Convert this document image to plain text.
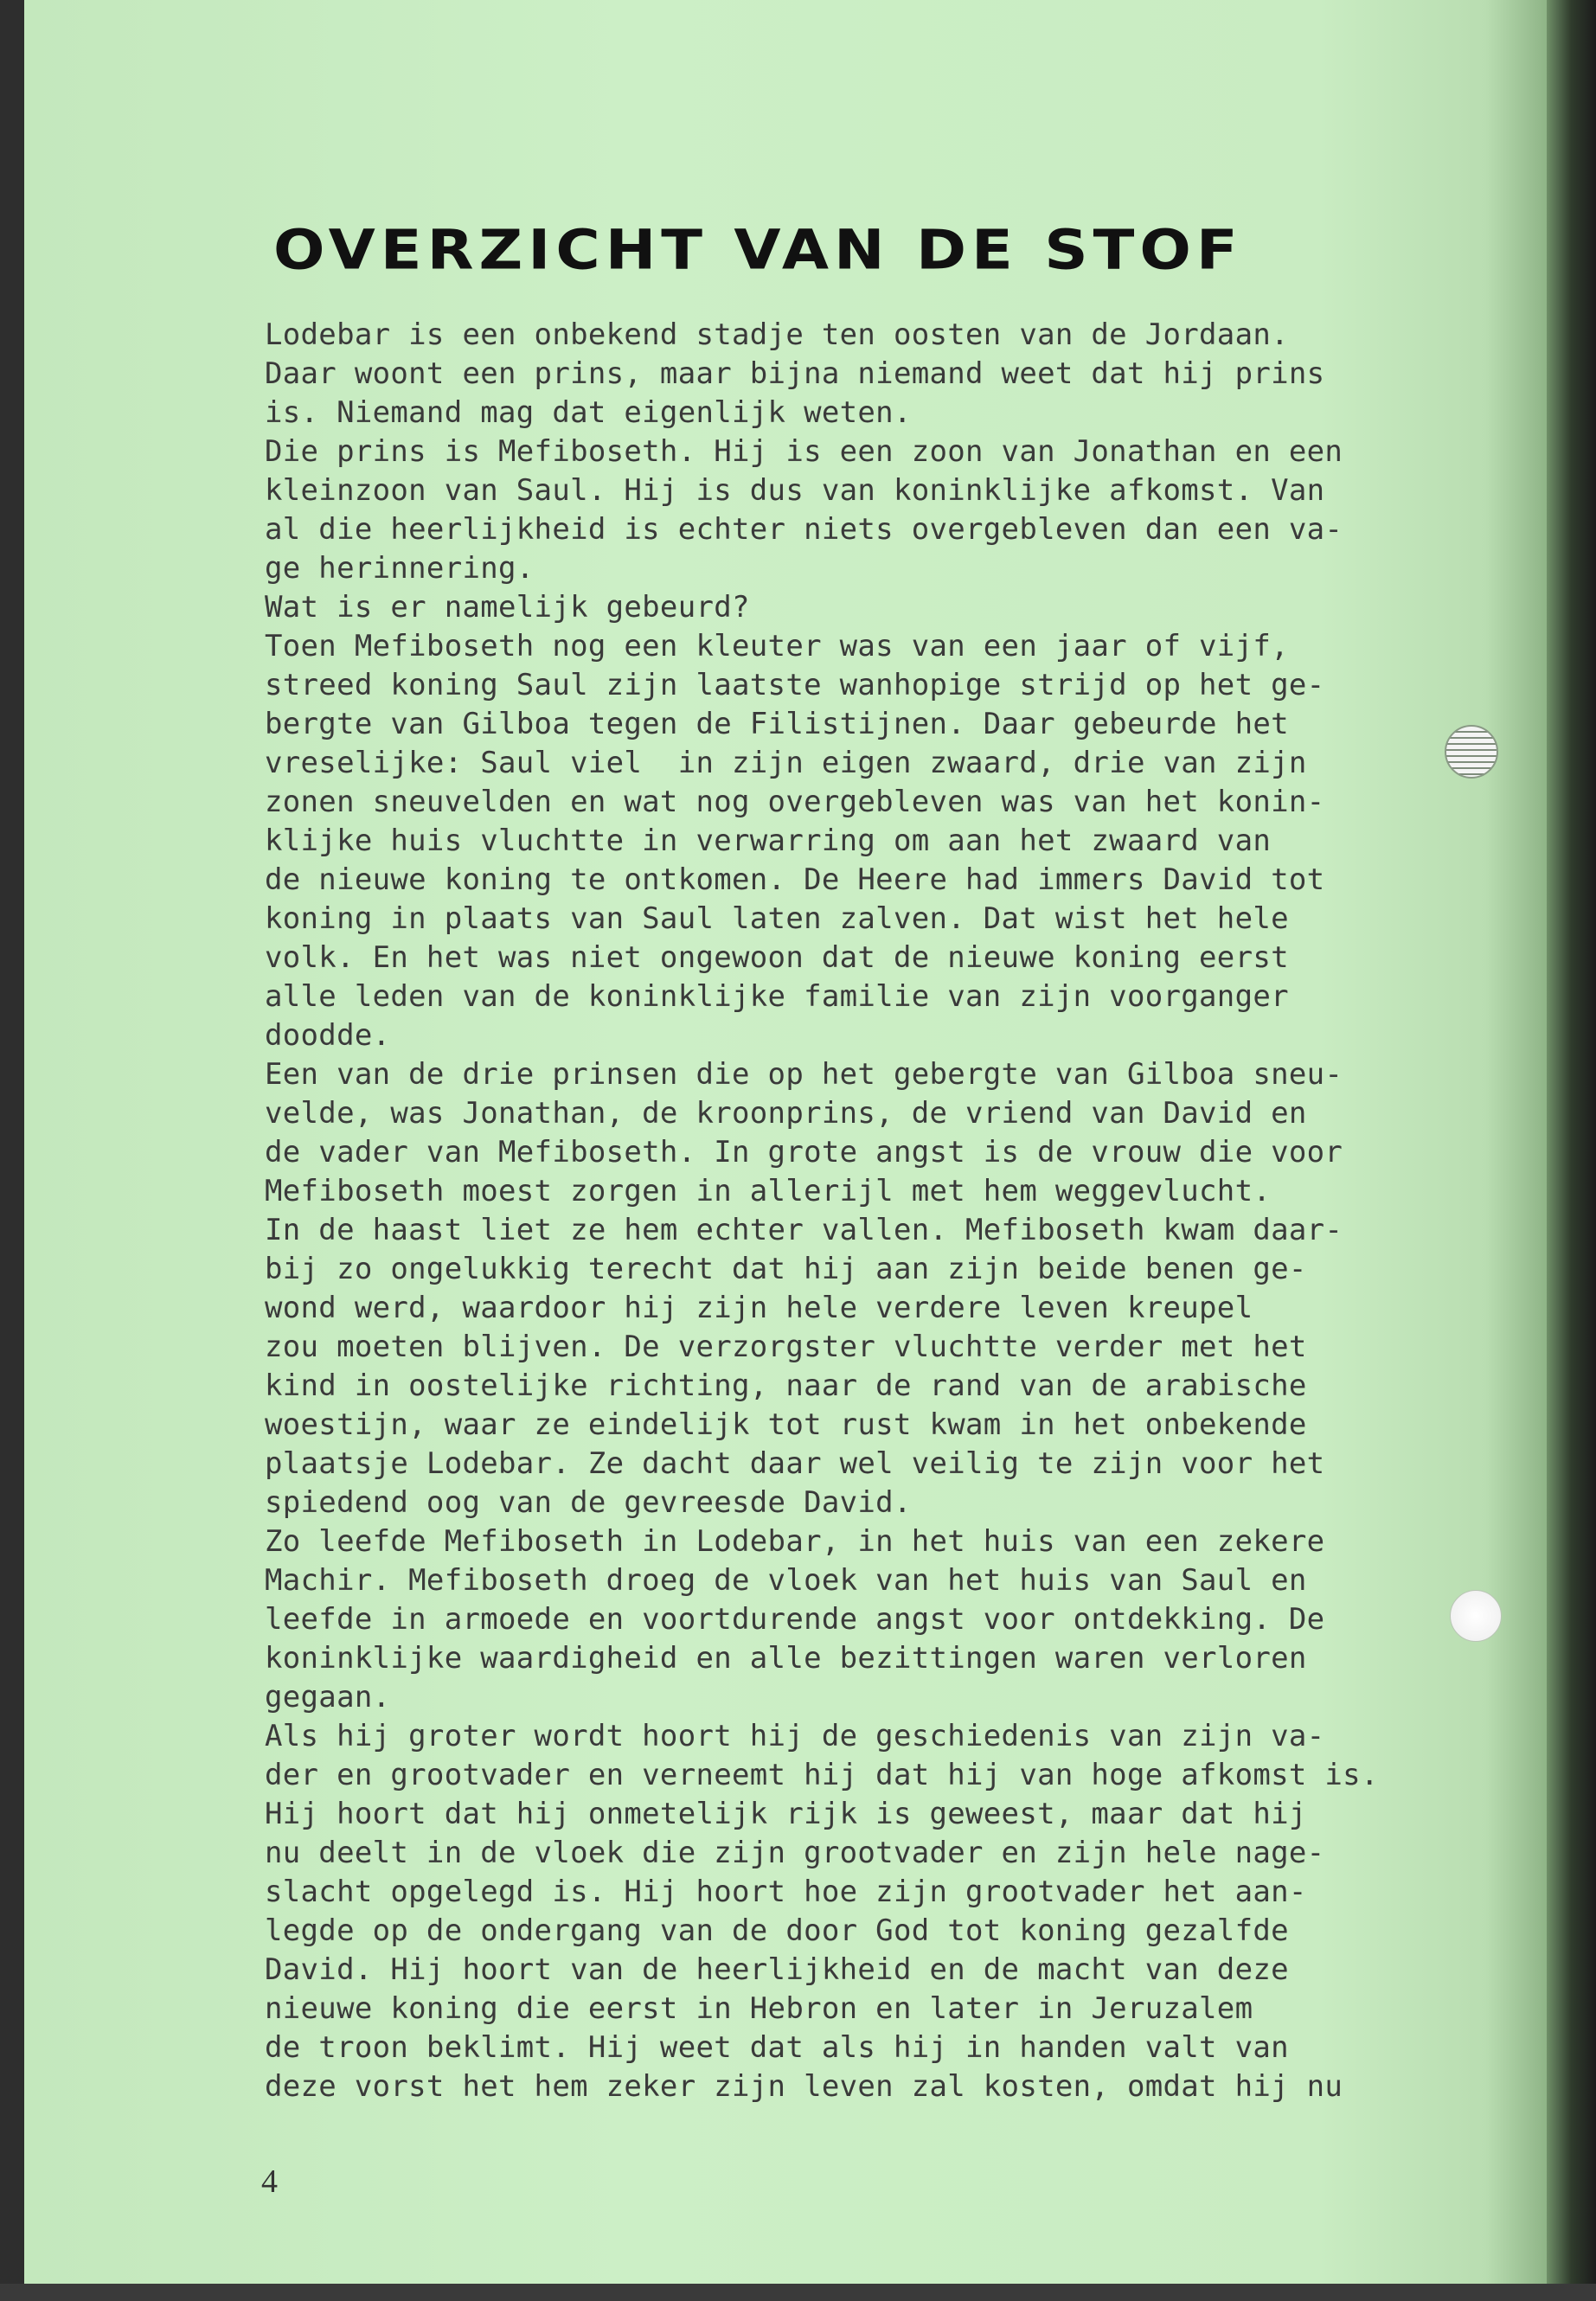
OVERZICHT VAN DE STOF
Lodebar is een onbekend stadje ten oosten van de Jordaan.
Daar woont een prins, maar bijna niemand weet dat hij prins
is. Niemand mag dat eigenlijk weten.
Die prins is Mefiboseth. Hij is een zoon van Jonathan en een
kleinzoon van Saul. Hij is dus van koninklijke afkomst. Van
al die heerlijkheid is echter niets overgebleven dan een va-
ge herinnering.
Wat is er namelijk gebeurd?
Toen Mefiboseth nog een kleuter was van een jaar of vijf,
streed koning Saul zijn laatste wanhopige strijd op het ge-
bergte van Gilboa tegen de Filistijnen. Daar gebeurde het
vreselijke: Saul viel  in zijn eigen zwaard, drie van zijn
zonen sneuvelden en wat nog overgebleven was van het konin-
klijke huis vluchtte in verwarring om aan het zwaard van
de nieuwe koning te ontkomen. De Heere had immers David tot
koning in plaats van Saul laten zalven. Dat wist het hele
volk. En het was niet ongewoon dat de nieuwe koning eerst
alle leden van de koninklijke familie van zijn voorganger
doodde.
Een van de drie prinsen die op het gebergte van Gilboa sneu-
velde, was Jonathan, de kroonprins, de vriend van David en
de vader van Mefiboseth. In grote angst is de vrouw die voor
Mefiboseth moest zorgen in allerijl met hem weggevlucht.
In de haast liet ze hem echter vallen. Mefiboseth kwam daar-
bij zo ongelukkig terecht dat hij aan zijn beide benen ge-
wond werd, waardoor hij zijn hele verdere leven kreupel
zou moeten blijven. De verzorgster vluchtte verder met het
kind in oostelijke richting, naar de rand van de arabische
woestijn, waar ze eindelijk tot rust kwam in het onbekende
plaatsje Lodebar. Ze dacht daar wel veilig te zijn voor het
spiedend oog van de gevreesde David.
Zo leefde Mefiboseth in Lodebar, in het huis van een zekere
Machir. Mefiboseth droeg de vloek van het huis van Saul en
leefde in armoede en voortdurende angst voor ontdekking. De
koninklijke waardigheid en alle bezittingen waren verloren
gegaan.
Als hij groter wordt hoort hij de geschiedenis van zijn va-
der en grootvader en verneemt hij dat hij van hoge afkomst is.
Hij hoort dat hij onmetelijk rijk is geweest, maar dat hij
nu deelt in de vloek die zijn grootvader en zijn hele nage-
slacht opgelegd is. Hij hoort hoe zijn grootvader het aan-
legde op de ondergang van de door God tot koning gezalfde
David. Hij hoort van de heerlijkheid en de macht van deze
nieuwe koning die eerst in Hebron en later in Jeruzalem
de troon beklimt. Hij weet dat als hij in handen valt van
deze vorst het hem zeker zijn leven zal kosten, omdat hij nu
4
